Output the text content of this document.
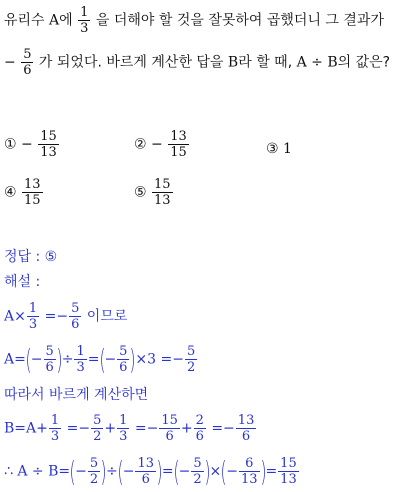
유리수 A에 $\frac{1}{3}$ 을 더해야 할 것을 잘못하여 곱했더니 그 결과가
− $\frac{5}{6}$ 가 되었다. 바르게 계산한 답을 B라 할 때, A ÷ B의 값은?
① − $\frac{15}{13}$	② − $\frac{13}{15}$	③ 1
④ $\frac{13}{15}$	⑤ $\frac{15}{13}$
정답 : ⑤
해설 :
$A\times \frac{1}{3} =- \frac{5}{6}$ 이므로
$A=(- \frac{5}{6}$ )÷ $\frac{1}{3}$ =(− $\frac{5}{6} )\times 3 =- \frac{5}{2}$
따라서 바르게 계산하면
$B=A+ \frac{1}{3} =- \frac{5}{2} + \frac{1}{3} =- \frac{15}{6} + \frac{2}{6} =- \frac{13}{6}$
∴ $A \div B=(- \frac{5}{2}$ )÷(− $\frac{13}{6}$ )=(− $\frac{5}{2}$ )×(− $\frac{6}{13}$ )= $\frac{15}{13}$
